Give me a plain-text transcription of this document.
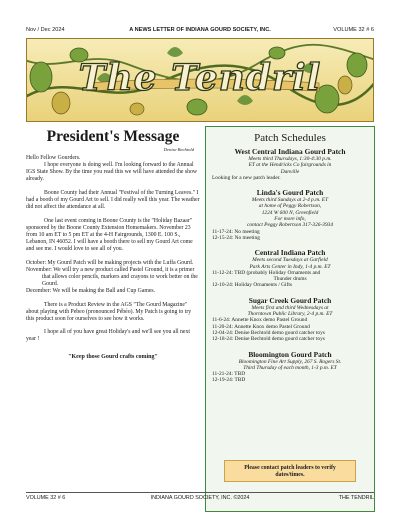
Nov / Dec 2024	A NEWS LETTER OF INDIANA GOURD SOCIETY, INC.	VOLUME 32 # 6
The Tendril
President's Message
Denise Bechtold

Hello Fellow Gourders.

I hope everyone is doing well. I'm looking forward to the Annual IGS State Show. By the time you read this we will have attended the show already.

Boone County had their Annual "Festival of the Turning Leaves." I had a booth of my Gourd Art to sell. I did really well this year. The weather did not affect the attendance at all.

One last event coming in Boone County is the "Holiday Bazaar" sponsored by the Boone County Extension Homemakers. November 23 from 10 am ET to 5 pm ET at the 4-H Fairgrounds, 1300 E. 100 S., Lebanon, IN 46052. I will have a booth there to sell my Gourd Art come and see me. I would love to see all of you.

October: My Gourd Patch will be making projects with the Luffa Gourd.

November: We will try a new product called Pastel Ground, it is a primer that allows color pencils, markers and crayons to work better on the Gourd.

December: We will be making the Ball and Cup Games.

There is a Product Review in the AGS "The Gourd Magazine" about playing with Pebeo (pronounced Pébéo). My Patch is going to try this product soon for ourselves to see how it works.

I hope all of you have great Holiday's and we'll see you all next year !

"Keep those Gourd crafts coming"
Patch Schedules
West Central Indiana Gourd Patch
Meets third Thursdays, 1:30-4:30 p.m.
ET at the Hendricks Co fairgrounds in
Danville
Looking for a new patch leader.
Linda's Gourd Patch
Meets third Sundays at 2-4 p.m. ET
at home of Peggy Robertson,
1224 W 600 N, Greenfield
For more info,
contact Peggy Robertson 317-326-3934
11-17-24: No meeting
12-15-24: No meeting
Central Indiana Patch
Meets second Tuesdays at Garfield
Park Arts Center in Indy, 1-4 p.m. ET
11-12-24: TBD (probably Holiday Ornaments and
Thunder drums
12-10-24: Holiday Ornaments / Gifts
Sugar Creek Gourd Patch
Meets first and third Wednesdays at
Thorntown Public Library, 2-4 p.m. ET
11-6-24: Annette Knox demo Pastel Ground
11-20-24: Annette Knox demo Pastel Ground
12-04-24: Denise Bechtold demo gourd catcher toys
12-18-24: Denise Bechtold demo gourd catcher toys
Bloomington Gourd Patch
Bloomington Fine Art Supply, 267 S. Rogers St.
Third Thursday of each month, 1-3 p.m. ET
11-21-24: TBD
12-19-24: TBD
Please contact patch leaders to verify
dates/times.
VOLUME 32 # 6	INDIANA GOURD SOCIETY, INC. ©2024	THE TENDRIL
